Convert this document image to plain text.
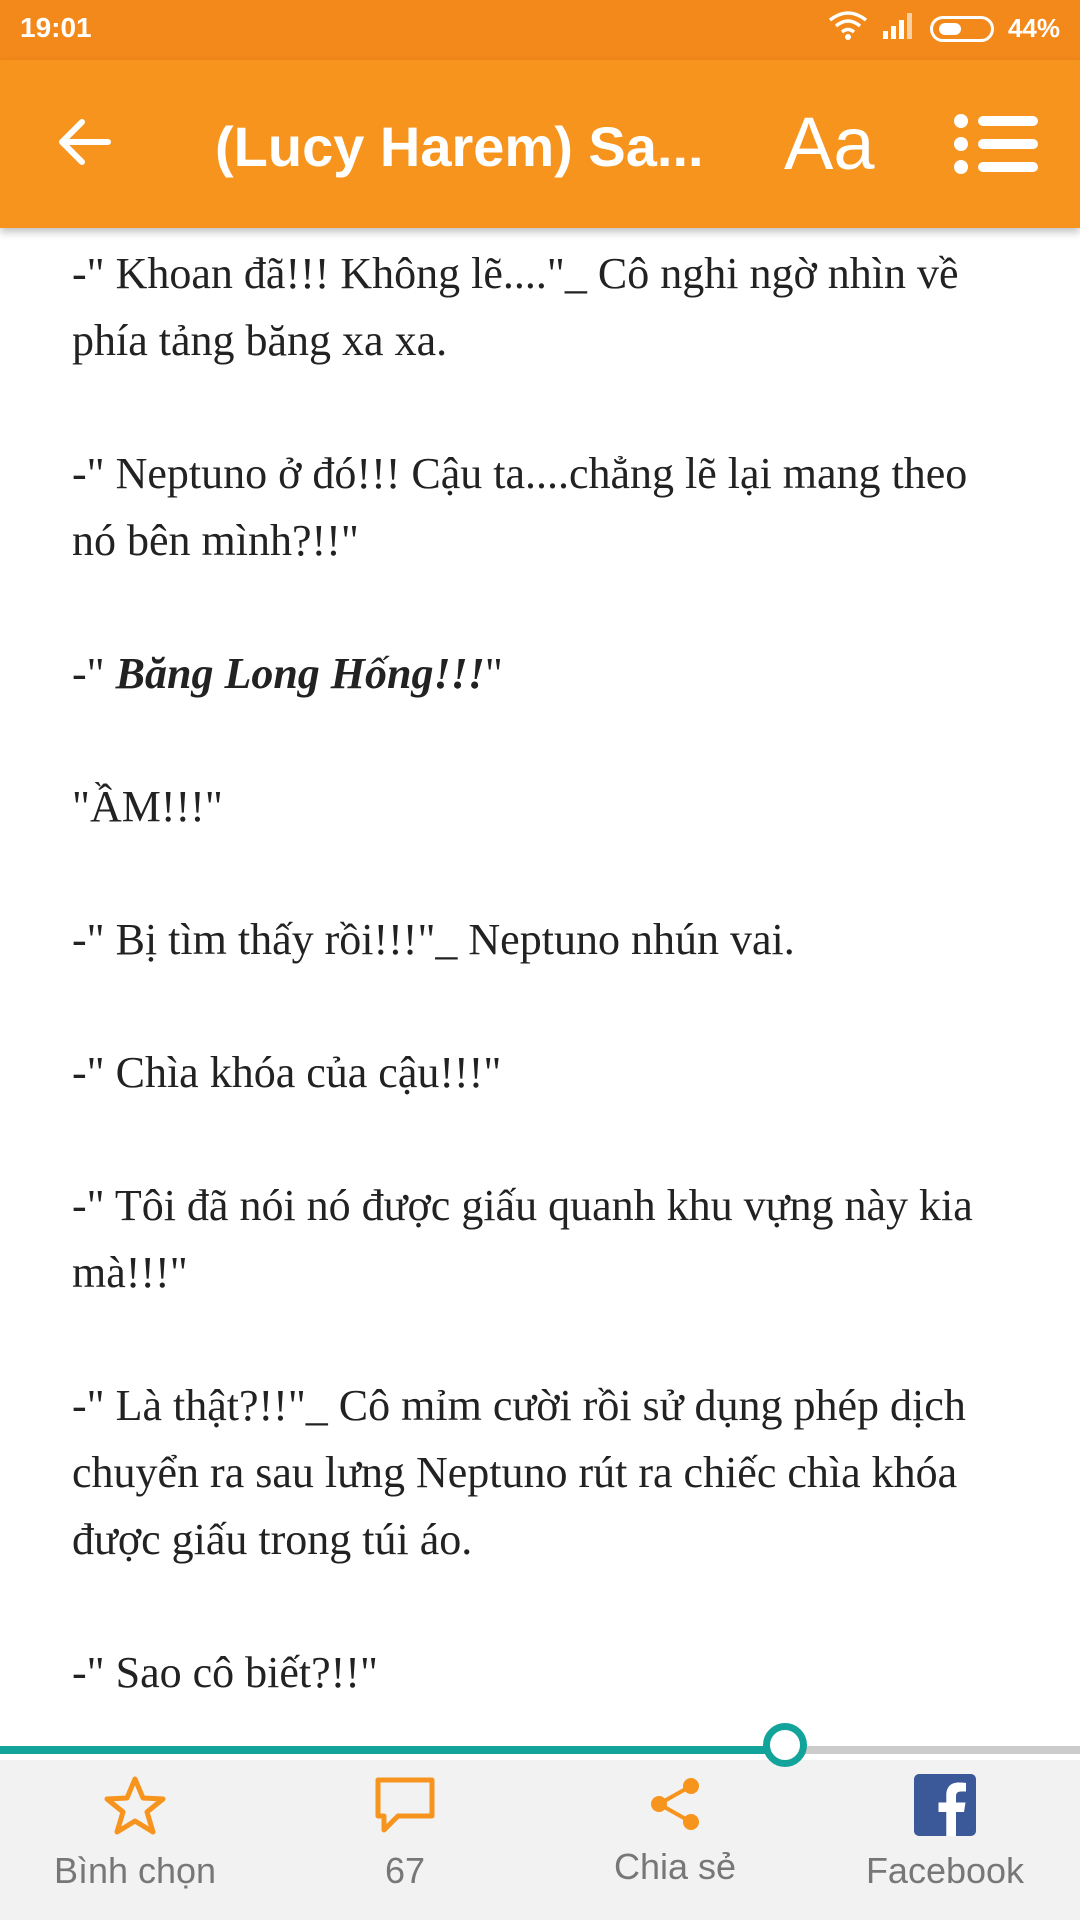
19:01	44%
(Lucy Harem) Sa... Aa

-" Khoan đã!!! Không lẽ...."_ Cô nghi ngờ nhìn về phía tảng băng xa xa.

-" Neptuno ở đó!!! Cậu ta....chẳng lẽ lại mang theo nó bên mình?!!"

-" Băng Long Hống!!!"

"ẦM!!!"

-" Bị tìm thấy rồi!!!"_ Neptuno nhún vai.

-" Chìa khóa của cậu!!!"

-" Tôi đã nói nó được giấu quanh khu vựng này kia mà!!!"

-" Là thật?!!"_ Cô mỉm cười rồi sử dụng phép dịch chuyển ra sau lưng Neptuno rút ra chiếc chìa khóa được giấu trong túi áo.

-" Sao cô biết?!!"

Bình chọn	67	Chia sẻ	Facebook
